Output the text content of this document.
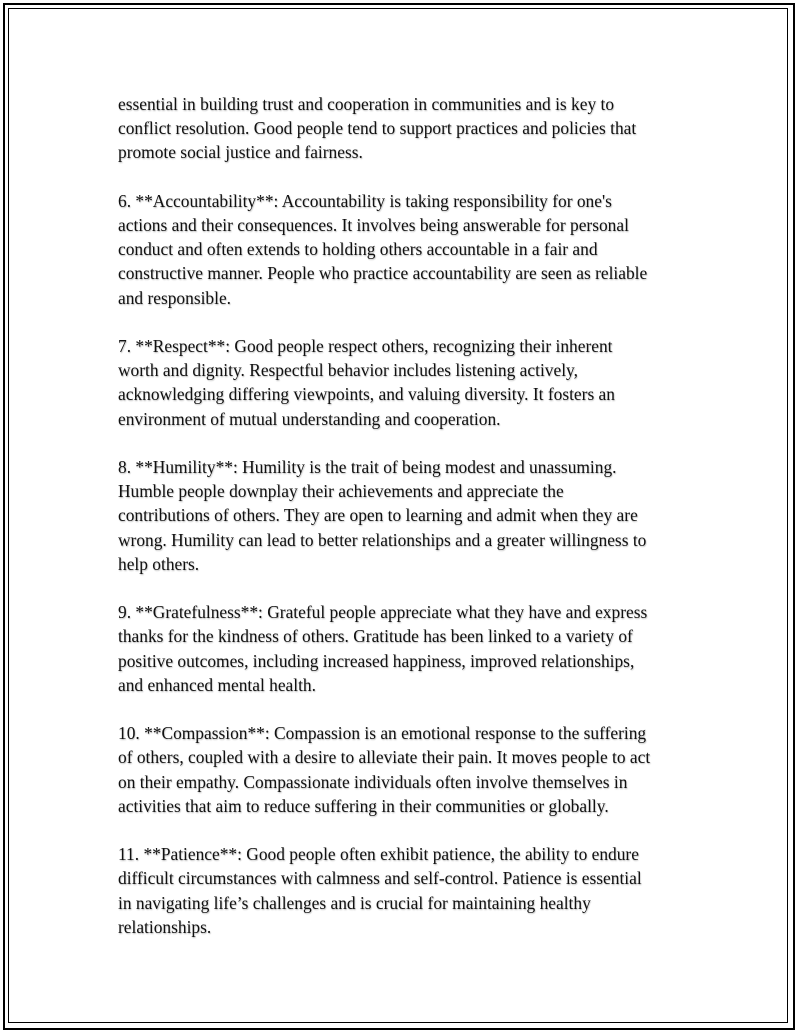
essential in building trust and cooperation in communities and is key to
conflict resolution. Good people tend to support practices and policies that
promote social justice and fairness.

6. **Accountability**: Accountability is taking responsibility for one's
actions and their consequences. It involves being answerable for personal
conduct and often extends to holding others accountable in a fair and
constructive manner. People who practice accountability are seen as reliable
and responsible.

7. **Respect**: Good people respect others, recognizing their inherent
worth and dignity. Respectful behavior includes listening actively,
acknowledging differing viewpoints, and valuing diversity. It fosters an
environment of mutual understanding and cooperation.

8. **Humility**: Humility is the trait of being modest and unassuming.
Humble people downplay their achievements and appreciate the
contributions of others. They are open to learning and admit when they are
wrong. Humility can lead to better relationships and a greater willingness to
help others.

9. **Gratefulness**: Grateful people appreciate what they have and express
thanks for the kindness of others. Gratitude has been linked to a variety of
positive outcomes, including increased happiness, improved relationships,
and enhanced mental health.

10. **Compassion**: Compassion is an emotional response to the suffering
of others, coupled with a desire to alleviate their pain. It moves people to act
on their empathy. Compassionate individuals often involve themselves in
activities that aim to reduce suffering in their communities or globally.

11. **Patience**: Good people often exhibit patience, the ability to endure
difficult circumstances with calmness and self-control. Patience is essential
in navigating life’s challenges and is crucial for maintaining healthy
relationships.
